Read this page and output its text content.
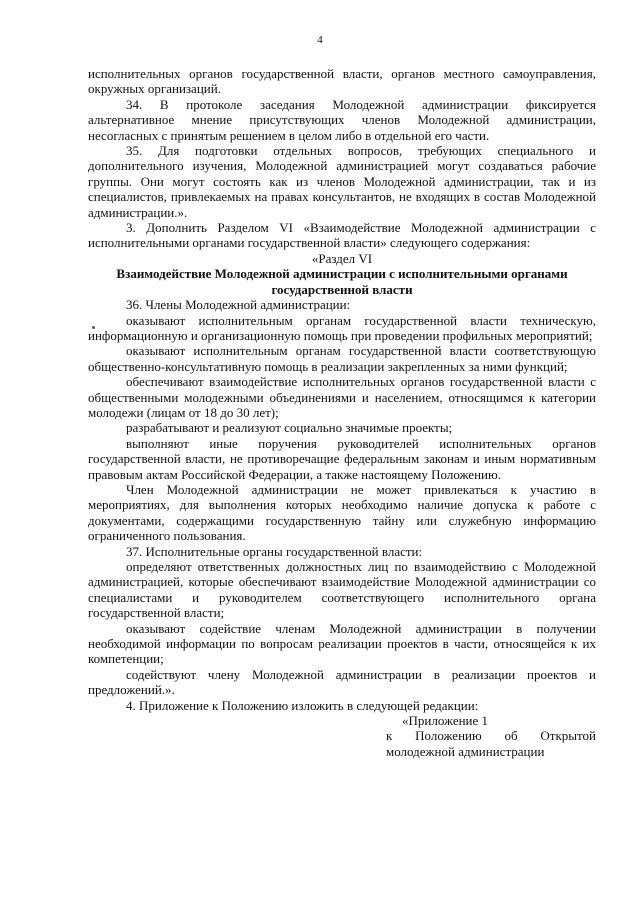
4

исполнительных органов государственной власти, органов местного самоуправления, окружных организаций.

34. В протоколе заседания Молодежной администрации фиксируется альтернативное мнение присутствующих членов Молодежной администрации, несогласных с принятым решением в целом либо в отдельной его части.

35. Для подготовки отдельных вопросов, требующих специального и дополнительного изучения, Молодежной администрацией могут создаваться рабочие группы. Они могут состоять как из членов Молодежной администрации, так и из специалистов, привлекаемых на правах консультантов, не входящих в состав Молодежной администрации.».

3. Дополнить Разделом VI «Взаимодействие Молодежной администрации с исполнительными органами государственной власти» следующего содержания:

«Раздел VI

Взаимодействие Молодежной администрации с исполнительными органами государственной власти

36. Члены Молодежной администрации:

оказывают исполнительным органам государственной власти техническую, информационную и организационную помощь при проведении профильных мероприятий;

оказывают исполнительным органам государственной власти соответствующую общественно-консультативную помощь в реализации закрепленных за ними функций;

обеспечивают взаимодействие исполнительных органов государственной власти с общественными молодежными объединениями и населением, относящимся к категории молодежи (лицам от 18 до 30 лет);

разрабатывают и реализуют социально значимые проекты;

выполняют иные поручения руководителей исполнительных органов государственной власти, не противоречащие федеральным законам и иным нормативным правовым актам Российской Федерации, а также настоящему Положению.

Член Молодежной администрации не может привлекаться к участию в мероприятиях, для выполнения которых необходимо наличие допуска к работе с документами, содержащими государственную тайну или служебную информацию ограниченного пользования.

37. Исполнительные органы государственной власти:

определяют ответственных должностных лиц по взаимодействию с Молодежной администрацией, которые обеспечивают взаимодействие Молодежной администрации со специалистами и руководителем соответствующего исполнительного органа государственной власти;

оказывают содействие членам Молодежной администрации в получении необходимой информации по вопросам реализации проектов в части, относящейся к их компетенции;

содействуют члену Молодежной администрации в реализации проектов и предложений.».

4. Приложение к Положению изложить в следующей редакции:

«Приложение 1

к Положению об Открытой молодежной администрации
